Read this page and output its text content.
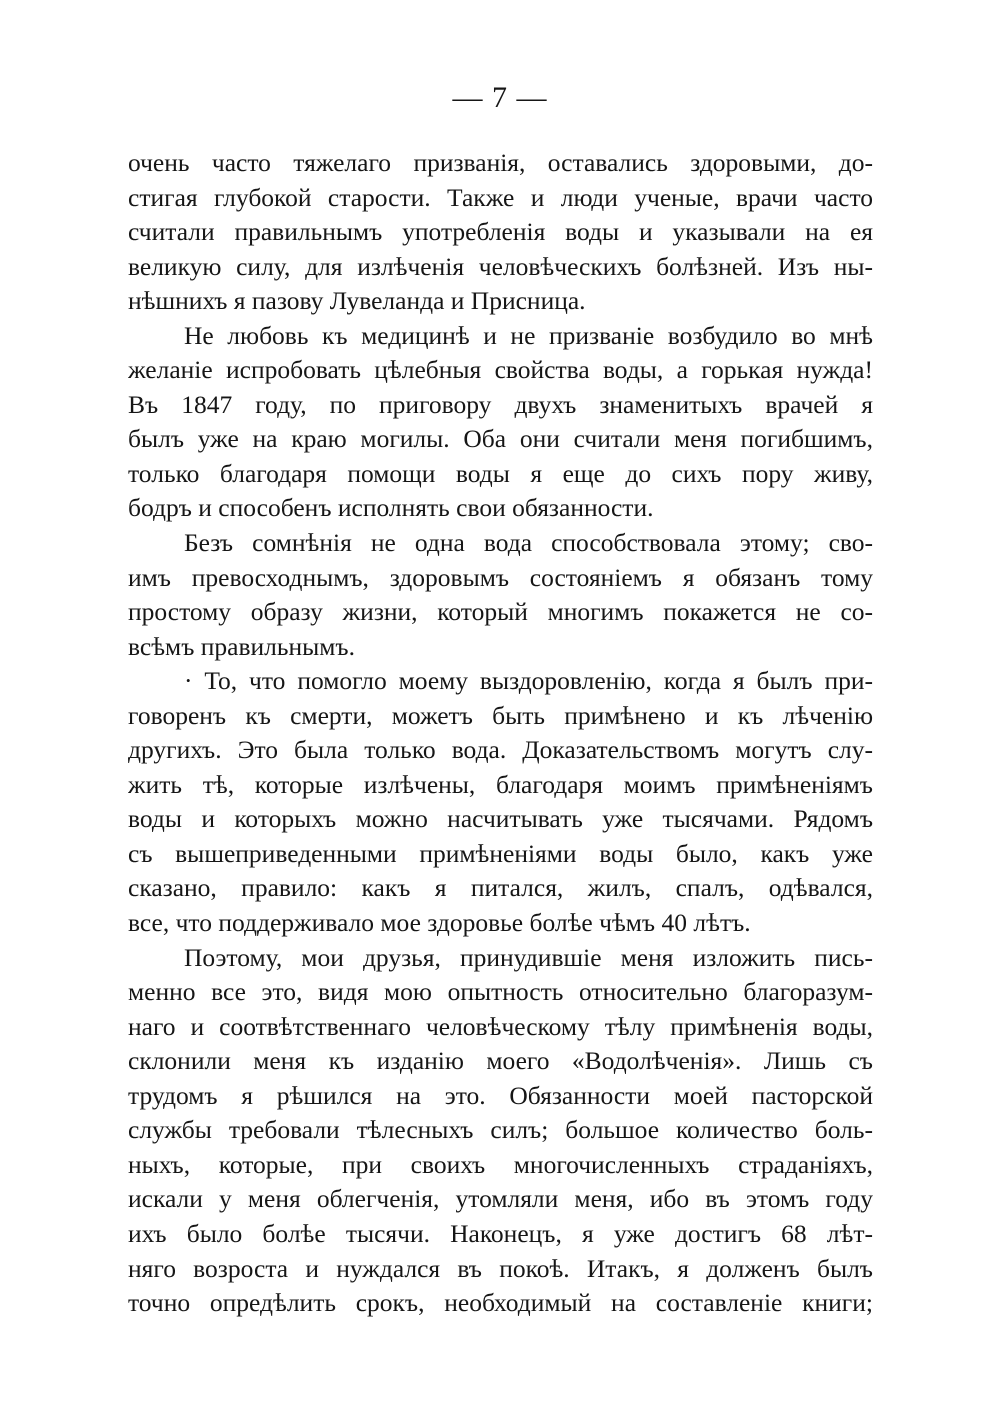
— 7 —
очень часто тяжелаго призванія, оставались здоровыми, до-
стигая глубокой старости. Также и люди ученые, врачи часто
считали правильнымъ употребленія воды и указывали на ея
великую силу, для излѣченія человѣческихъ болѣзней. Изъ ны-
нѣшнихъ я пазову Лувеланда и Присница.
Не любовь къ медицинѣ и не призваніе возбудило во мнѣ
желаніе испробовать цѣлебныя свойства воды, а горькая нужда!
Въ 1847 году, по приговору двухъ знаменитыхъ врачей я
былъ уже на краю могилы. Оба они считали меня погибшимъ,
только благодаря помощи воды я еще до сихъ пору живу,
бодръ и способенъ исполнять свои обязанности.
Безъ сомнѣнія не одна вода способствовала этому; сво-
имъ превосходнымъ, здоровымъ состояніемъ я обязанъ тому
простому образу жизни, который многимъ покажется не со-
всѣмъ правильнымъ.
· То, что помогло моему выздоровленію, когда я былъ при-
говоренъ къ смерти, можетъ быть примѣнено и къ лѣченію
другихъ. Это была только вода. Доказательствомъ могутъ слу-
жить тѣ, которые излѣчены, благодаря моимъ примѣненіямъ
воды и которыхъ можно насчитывать уже тысячами. Рядомъ
съ вышеприведенными примѣненіями воды было, какъ уже
сказано, правило: какъ я питался, жилъ, спалъ, одѣвался,
все, что поддерживало мое здоровье болѣе чѣмъ 40 лѣтъ.
Поэтому, мои друзья, принудившіе меня изложить пись-
менно все это, видя мою опытность относительно благоразум-
наго и соотвѣтственнаго человѣческому тѣлу примѣненія воды,
склонили меня къ изданію моего «Водолѣченія». Лишь съ
трудомъ я рѣшился на это. Обязанности моей пасторской
службы требовали тѣлесныхъ силъ; большое количество боль-
ныхъ, которые, при своихъ многочисленныхъ страданіяхъ,
искали у меня облегченія, утомляли меня, ибо въ этомъ году
ихъ было болѣе тысячи. Наконецъ, я уже достигъ 68 лѣт-
няго возроста и нуждался въ покоѣ. Итакъ, я долженъ былъ
точно опредѣлить срокъ, необходимый на составленіе книги;
